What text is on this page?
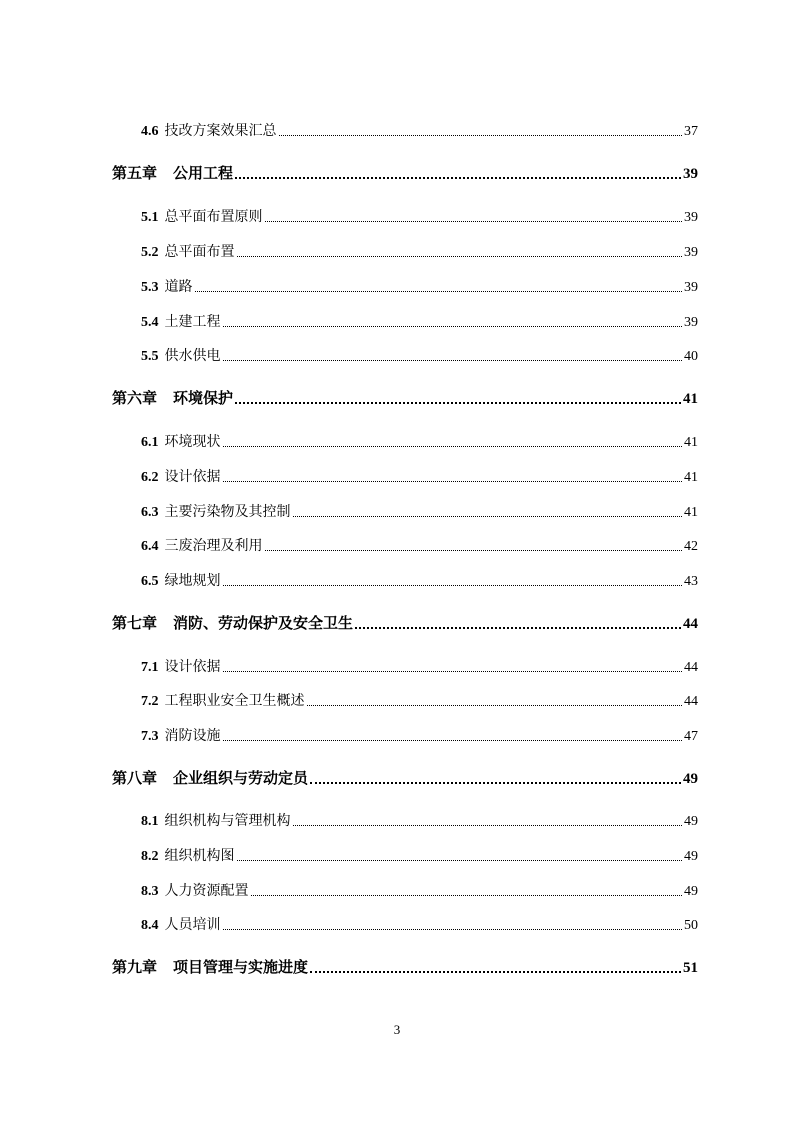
4.6 技改方案效果汇总	37
第五章 公用工程	39
5.1 总平面布置原则	39
5.2 总平面布置	39
5.3 道路	39
5.4 土建工程	39
5.5 供水供电	40
第六章 环境保护	41
6.1 环境现状	41
6.2 设计依据	41
6.3 主要污染物及其控制	41
6.4 三废治理及利用	42
6.5 绿地规划	43
第七章 消防、劳动保护及安全卫生	44
7.1 设计依据	44
7.2 工程职业安全卫生概述	44
7.3 消防设施	47
第八章 企业组织与劳动定员	49
8.1 组织机构与管理机构	49
8.2 组织机构图	49
8.3 人力资源配置	49
8.4 人员培训	50
第九章 项目管理与实施进度	51
3
